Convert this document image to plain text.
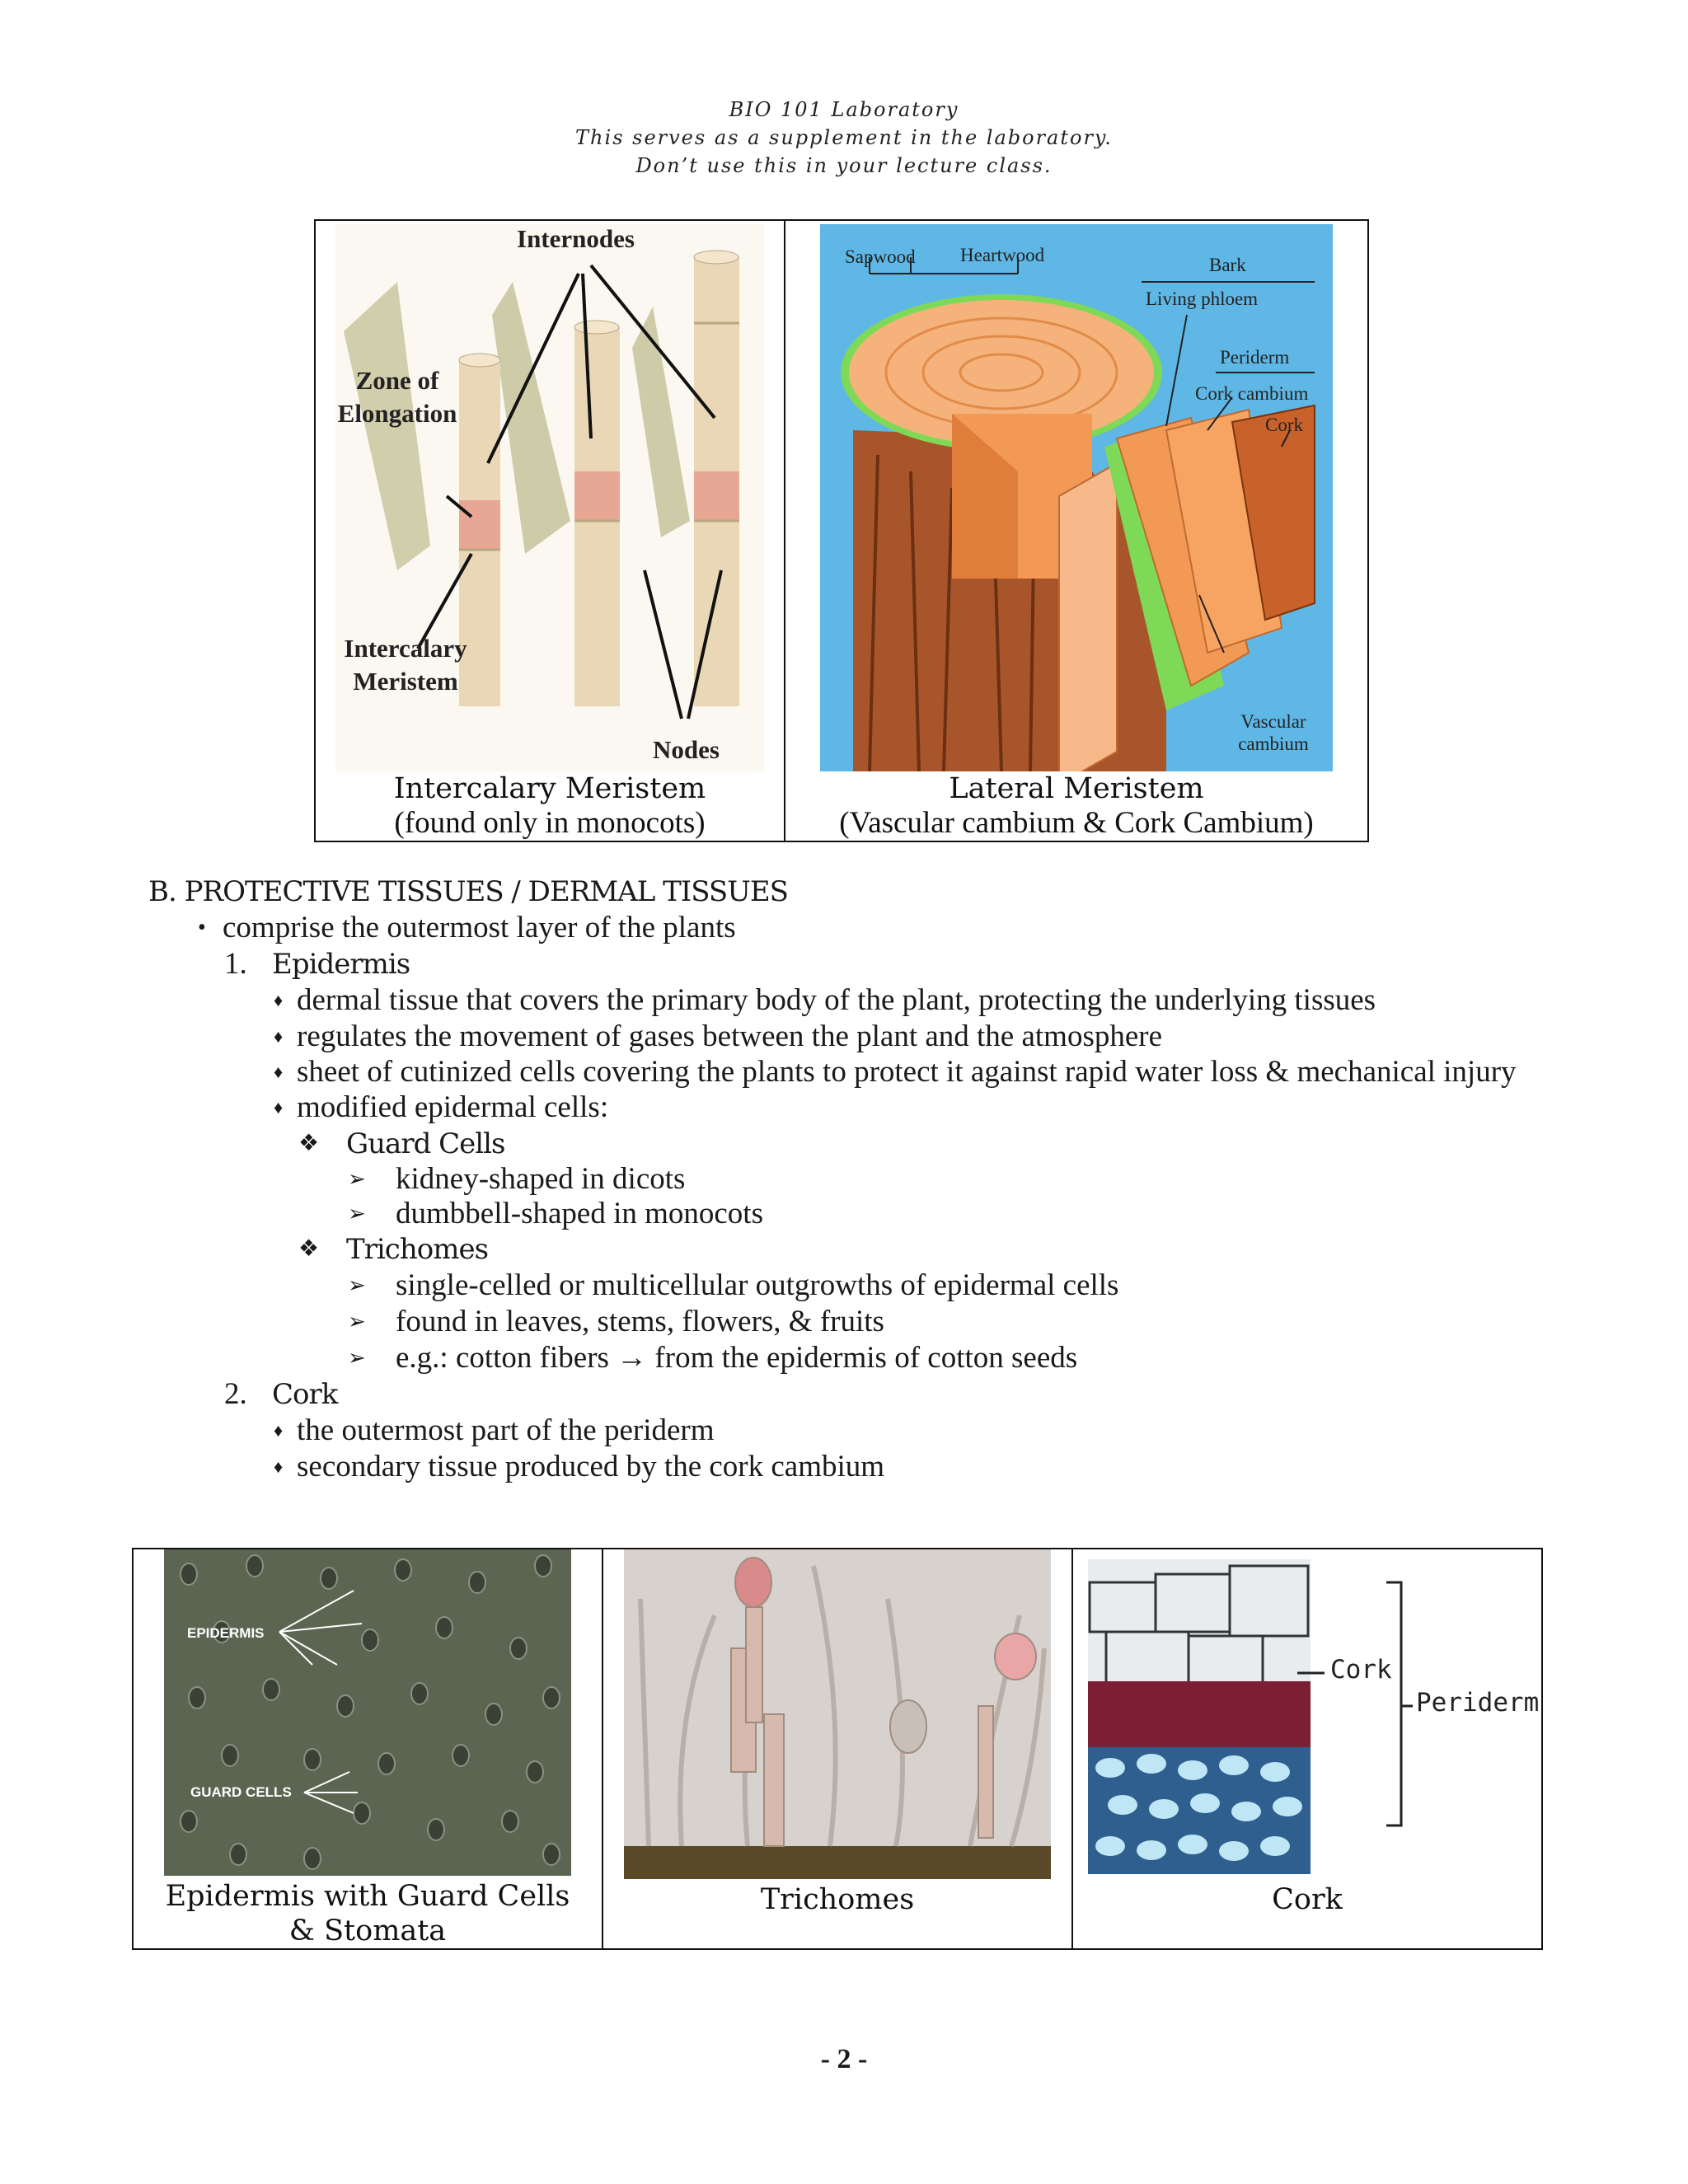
BIO 101 Laboratory
This serves as a supplement in the laboratory.
Don’t use this in your lecture class.
Internodes
Zone of Elongation
Intercalary Meristem
Nodes
Intercalary Meristem
(found only in monocots)

Sapwood Heartwood	Bark
Living phloem
Periderm
Cork cambium
Cork
Vascular cambium
Lateral Meristem
(Vascular cambium & Cork Cambium)
B. PROTECTIVE TISSUES / DERMAL TISSUES
• comprise the outermost layer of the plants
1. Epidermis
♦ dermal tissue that covers the primary body of the plant, protecting the underlying tissues
♦ regulates the movement of gases between the plant and the atmosphere
♦ sheet of cutinized cells covering the plants to protect it against rapid water loss & mechanical injury
♦ modified epidermal cells:
❖ Guard Cells
➢ kidney-shaped in dicots
➢ dumbbell-shaped in monocots
❖ Trichomes
➢ single-celled or multicellular outgrowths of epidermal cells
➢ found in leaves, stems, flowers, & fruits
➢ e.g.: cotton fibers → from the epidermis of cotton seeds
2. Cork
♦ the outermost part of the periderm
♦ secondary tissue produced by the cork cambium
EPIDERMIS
GUARD CELLS
Epidermis with Guard Cells & Stomata

Trichomes

Cork
Periderm
Cork
- 2 -
